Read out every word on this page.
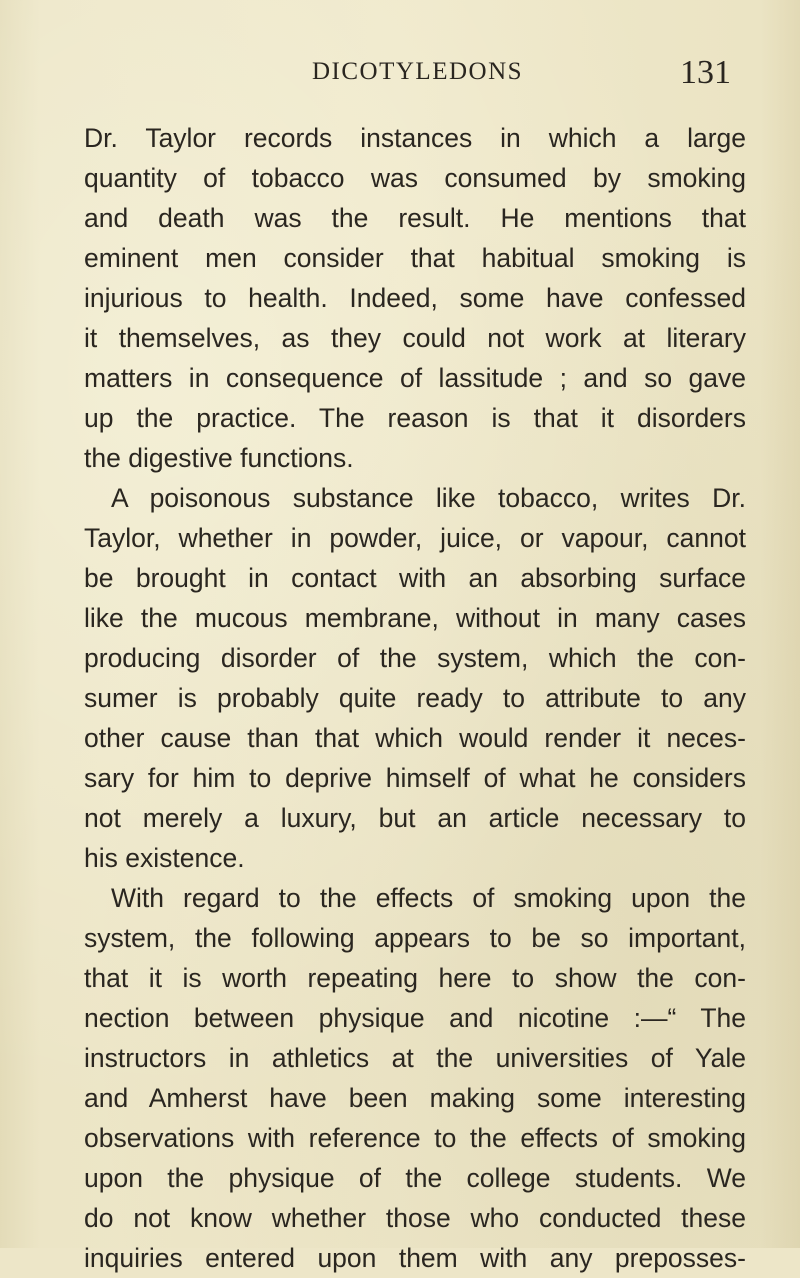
DICOTYLEDONS	131
Dr. Taylor records instances in which a large
quantity of tobacco was consumed by smoking
and death was the result. He mentions that
eminent men consider that habitual smoking is
injurious to health. Indeed, some have confessed
it themselves, as they could not work at literary
matters in consequence of lassitude ; and so gave
up the practice. The reason is that it disorders
the digestive functions.
A poisonous substance like tobacco, writes Dr.
Taylor, whether in powder, juice, or vapour, cannot
be brought in contact with an absorbing surface
like the mucous membrane, without in many cases
producing disorder of the system, which the con-
sumer is probably quite ready to attribute to any
other cause than that which would render it neces-
sary for him to deprive himself of what he considers
not merely a luxury, but an article necessary to
his existence.
With regard to the effects of smoking upon the
system, the following appears to be so important,
that it is worth repeating here to show the con-
nection between physique and nicotine :—“ The
instructors in athletics at the universities of Yale
and Amherst have been making some interesting
observations with reference to the effects of smoking
upon the physique of the college students. We
do not know whether those who conducted these
inquiries entered upon them with any preposses-
